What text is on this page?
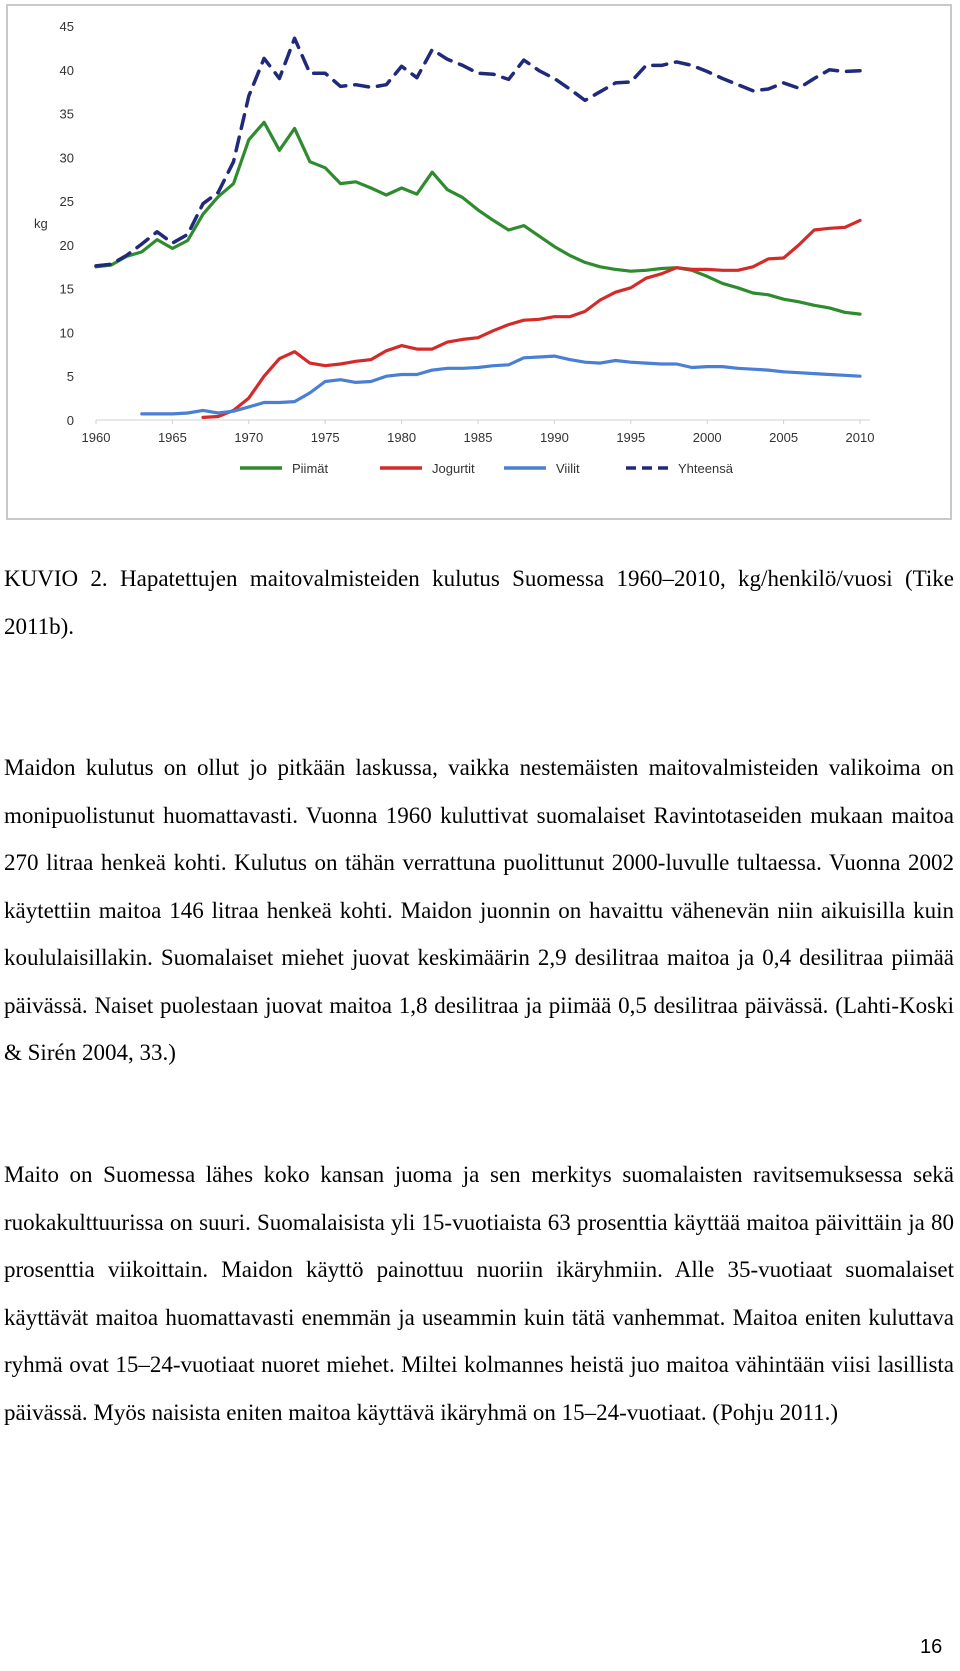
0
5
10
15
20
25
30
35
40
45
1960	1965	1970	1975	1980	1985	1990	1995	2000	2005	2010
Piimät	Jogurtit	Viilit	Yhteensä
kg

KUVIO 2. Hapatettujen maitovalmisteiden kulutus Suomessa 1960–2010, kg/henkilö/vuosi (Tike 2011b).

Maidon kulutus on ollut jo pitkään laskussa, vaikka nestemäisten maitovalmisteiden valikoima on monipuolistunut huomattavasti. Vuonna 1960 kuluttivat suomalaiset Ravintotaseiden mukaan maitoa 270 litraa henkeä kohti. Kulutus on tähän verrattuna puolittunut 2000-luvulle tultaessa. Vuonna 2002 käytettiin maitoa 146 litraa henkeä kohti. Maidon juonnin on havaittu vähenevän niin aikuisilla kuin koululaisillakin. Suomalaiset miehet juovat keskimäärin 2,9 desilitraa maitoa ja 0,4 desilitraa piimää päivässä. Naiset puolestaan juovat maitoa 1,8 desilitraa ja piimää 0,5 desilitraa päivässä. (Lahti-Koski & Sirén 2004, 33.)

Maito on Suomessa lähes koko kansan juoma ja sen merkitys suomalaisten ravitsemuksessa sekä ruokakulttuurissa on suuri. Suomalaisista yli 15-vuotiaista 63 prosenttia käyttää maitoa päivittäin ja 80 prosenttia viikoittain. Maidon käyttö painottuu nuoriin ikäryhmiin. Alle 35-vuotiaat suomalaiset käyttävät maitoa huomattavasti enemmän ja useammin kuin tätä vanhemmat. Maitoa eniten kuluttava ryhmä ovat 15–24-vuotiaat nuoret miehet. Miltei kolmannes heistä juo maitoa vähintään viisi lasillista päivässä. Myös naisista eniten maitoa käyttävä ikäryhmä on 15–24-vuotiaat. (Pohju 2011.)

16
